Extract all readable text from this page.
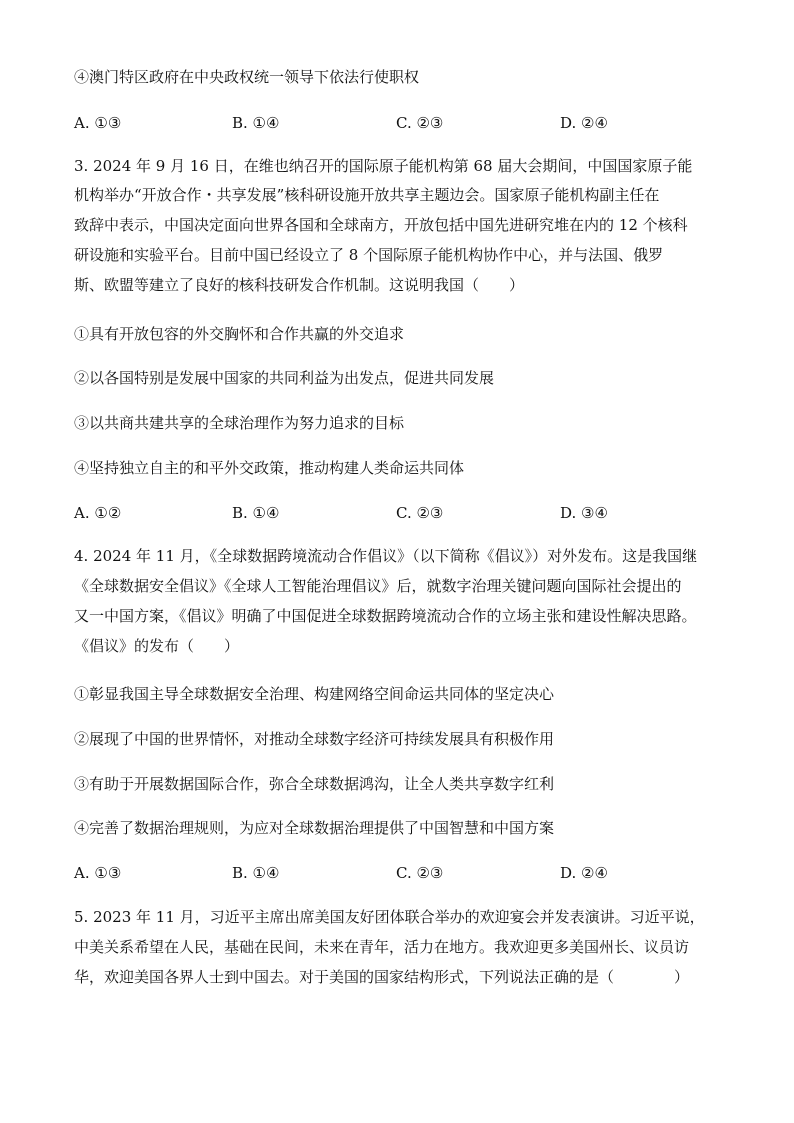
④澳门特区政府在中央政权统一领导下依法行使职权
A. ①③	B. ①④	C. ②③	D. ②④
3. 2024 年 9 月 16 日，在维也纳召开的国际原子能机构第 68 届大会期间，中国国家原子能
机构举办“开放合作・共享发展”核科研设施开放共享主题边会。国家原子能机构副主任在
致辞中表示，中国决定面向世界各国和全球南方，开放包括中国先进研究堆在内的 12 个核科
研设施和实验平台。目前中国已经设立了 8 个国际原子能机构协作中心，并与法国、俄罗
斯、欧盟等建立了良好的核科技研发合作机制。这说明我国（　　）
①具有开放包容的外交胸怀和合作共赢的外交追求
②以各国特别是发展中国家的共同利益为出发点，促进共同发展
③以共商共建共享的全球治理作为努力追求的目标
④坚持独立自主的和平外交政策，推动构建人类命运共同体
A. ①②	B. ①④	C. ②③	D. ③④
4. 2024 年 11 月，《全球数据跨境流动合作倡议》（以下简称《倡议》）对外发布。这是我国继
《全球数据安全倡议》《全球人工智能治理倡议》后，就数字治理关键问题向国际社会提出的
又一中国方案，《倡议》明确了中国促进全球数据跨境流动合作的立场主张和建设性解决思路。
《倡议》的发布（　　）
①彰显我国主导全球数据安全治理、构建网络空间命运共同体的坚定决心
②展现了中国的世界情怀，对推动全球数字经济可持续发展具有积极作用
③有助于开展数据国际合作，弥合全球数据鸿沟，让全人类共享数字红利
④完善了数据治理规则，为应对全球数据治理提供了中国智慧和中国方案
A. ①③	B. ①④	C. ②③	D. ②④
5. 2023 年 11 月，习近平主席出席美国友好团体联合举办的欢迎宴会并发表演讲。习近平说，
中美关系希望在人民，基础在民间，未来在青年，活力在地方。我欢迎更多美国州长、议员访
华，欢迎美国各界人士到中国去。对于美国的国家结构形式，下列说法正确的是（　　　　）
